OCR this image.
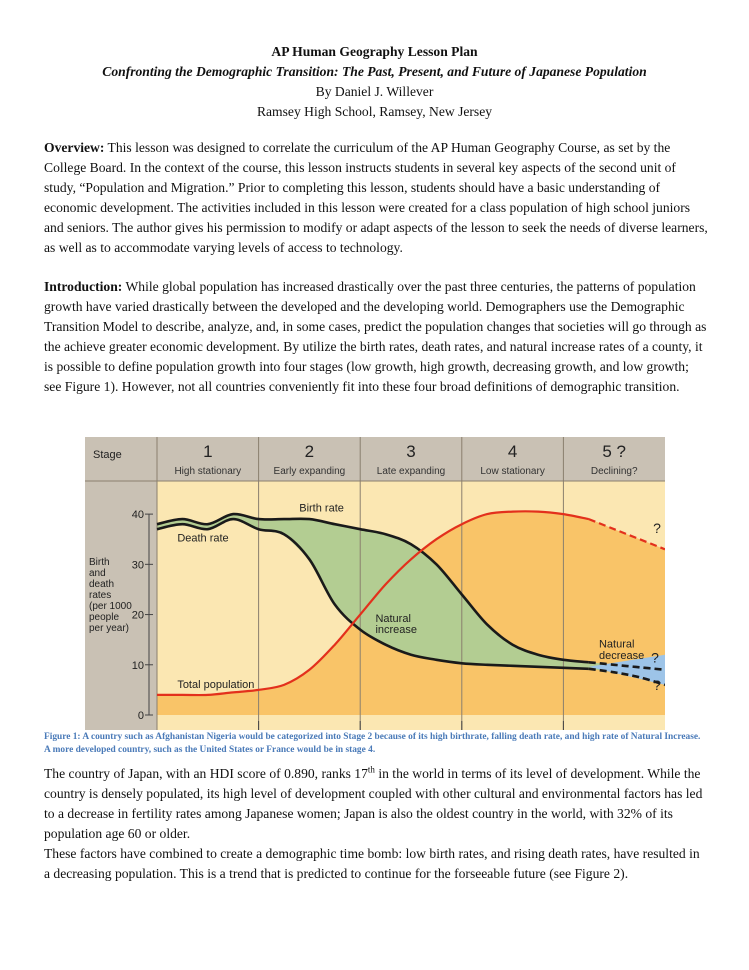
AP Human Geography Lesson Plan
Confronting the Demographic Transition: The Past, Present, and Future of Japanese Population
By Daniel J. Willever
Ramsey High School, Ramsey, New Jersey

Overview: This lesson was designed to correlate the curriculum of the AP Human Geography Course, as set by the College Board. In the context of the course, this lesson instructs students in several key aspects of the second unit of study, “Population and Migration.” Prior to completing this lesson, students should have a basic understanding of economic development. The activities included in this lesson were created for a class population of high school juniors and seniors. The author gives his permission to modify or adapt aspects of the lesson to seek the needs of diverse learners, as well as to accommodate varying levels of access to technology.

Introduction: While global population has increased drastically over the past three centuries, the patterns of population growth have varied drastically between the developed and the developing world. Demographers use the Demographic Transition Model to describe, analyze, and, in some cases, predict the population changes that societies will go through as the achieve greater economic development. By utilize the birth rates, death rates, and natural increase rates of a county, it is possible to define population growth into four stages (low growth, high growth, decreasing growth, and low growth; see Figure 1). However, not all countries conveniently fit into these four broad definitions of demographic transition.

1
High stationary
2
Early expanding
3
Late expanding
4
Low stationary
5 ?
Declining?
Stage
0
10
20
30
40
Birth
and
death
rates
(per 1000
people
per year)
Birth rate
Death rate
Natural
increase
Natural
decrease
Total population
?
?
?
Figure 1: A country such as Afghanistan Nigeria would be categorized into Stage 2 because of its high birthrate, falling death rate, and high rate of Natural Increase. A more developed country, such as the United States or France would be in stage 4.

The country of Japan, with an HDI score of 0.890, ranks 17th in the world in terms of its level of development. While the country is densely populated, its high level of development coupled with other cultural and environmental factors has led to a decrease in fertility rates among Japanese women; Japan is also the oldest country in the world, with 32% of its population age 60 or older.

These factors have combined to create a demographic time bomb: low birth rates, and rising death rates, have resulted in a decreasing population. This is a trend that is predicted to continue for the forseeable future (see Figure 2).
